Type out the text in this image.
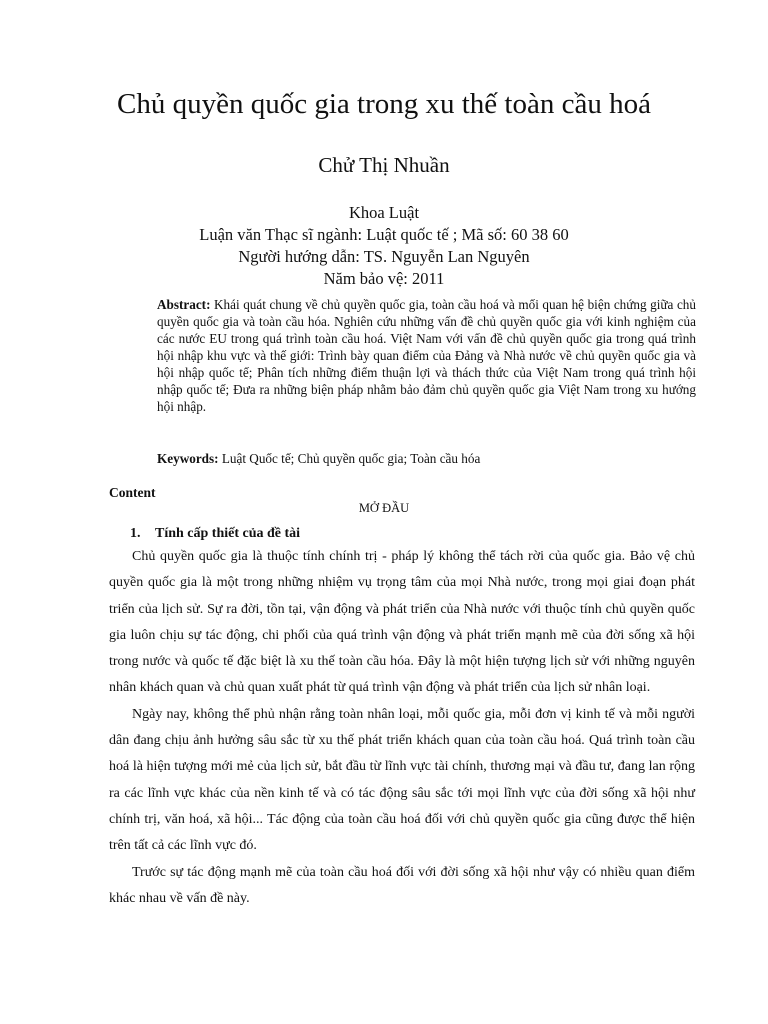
Chủ quyền quốc gia trong xu thế toàn cầu hoá
Chử Thị Nhuần
Khoa Luật
Luận văn Thạc sĩ ngành: Luật quốc tế ; Mã số: 60 38 60
Người hướng dẫn: TS. Nguyễn Lan Nguyên
Năm bảo vệ: 2011

Abstract: Khái quát chung về chủ quyền quốc gia, toàn cầu hoá và mối quan hệ biện chứng giữa chủ quyền quốc gia và toàn cầu hóa. Nghiên cứu những vấn đề chủ quyền quốc gia với kinh nghiệm của các nước EU trong quá trình toàn cầu hoá. Việt Nam với vấn đề chủ quyền quốc gia trong quá trình hội nhập khu vực và thế giới: Trình bày quan điểm của Đảng và Nhà nước về chủ quyền quốc gia và hội nhập quốc tế; Phân tích những điểm thuận lợi và thách thức của Việt Nam trong quá trình hội nhập quốc tế; Đưa ra những biện pháp nhằm bảo đảm chủ quyền quốc gia Việt Nam trong xu hướng hội nhập.

Keywords: Luật Quốc tế; Chủ quyền quốc gia; Toàn cầu hóa

Content
MỞ ĐẦU
1. Tính cấp thiết của đề tài

Chủ quyền quốc gia là thuộc tính chính trị - pháp lý không thể tách rời của quốc gia. Bảo vệ chủ quyền quốc gia là một trong những nhiệm vụ trọng tâm của mọi Nhà nước, trong mọi giai đoạn phát triển của lịch sử. Sự ra đời, tồn tại, vận động và phát triển của Nhà nước với thuộc tính chủ quyền quốc gia luôn chịu sự tác động, chi phối của quá trình vận động và phát triển mạnh mẽ của đời sống xã hội trong nước và quốc tế đặc biệt là xu thế toàn cầu hóa. Đây là một hiện tượng lịch sử với những nguyên nhân khách quan và chủ quan xuất phát từ quá trình vận động và phát triển của lịch sử nhân loại.

Ngày nay, không thể phủ nhận rằng toàn nhân loại, mỗi quốc gia, mỗi đơn vị kinh tế và mỗi người dân đang chịu ảnh hưởng sâu sắc từ xu thế phát triển khách quan của toàn cầu hoá. Quá trình toàn cầu hoá là hiện tượng mới mẻ của lịch sử, bắt đầu từ lĩnh vực tài chính, thương mại và đầu tư, đang lan rộng ra các lĩnh vực khác của nền kinh tế và có tác động sâu sắc tới mọi lĩnh vực của đời sống xã hội như chính trị, văn hoá, xã hội... Tác động của toàn cầu hoá đối với chủ quyền quốc gia cũng được thể hiện trên tất cả các lĩnh vực đó.

Trước sự tác động mạnh mẽ của toàn cầu hoá đối với đời sống xã hội như vậy có nhiều quan điểm khác nhau về vấn đề này.
